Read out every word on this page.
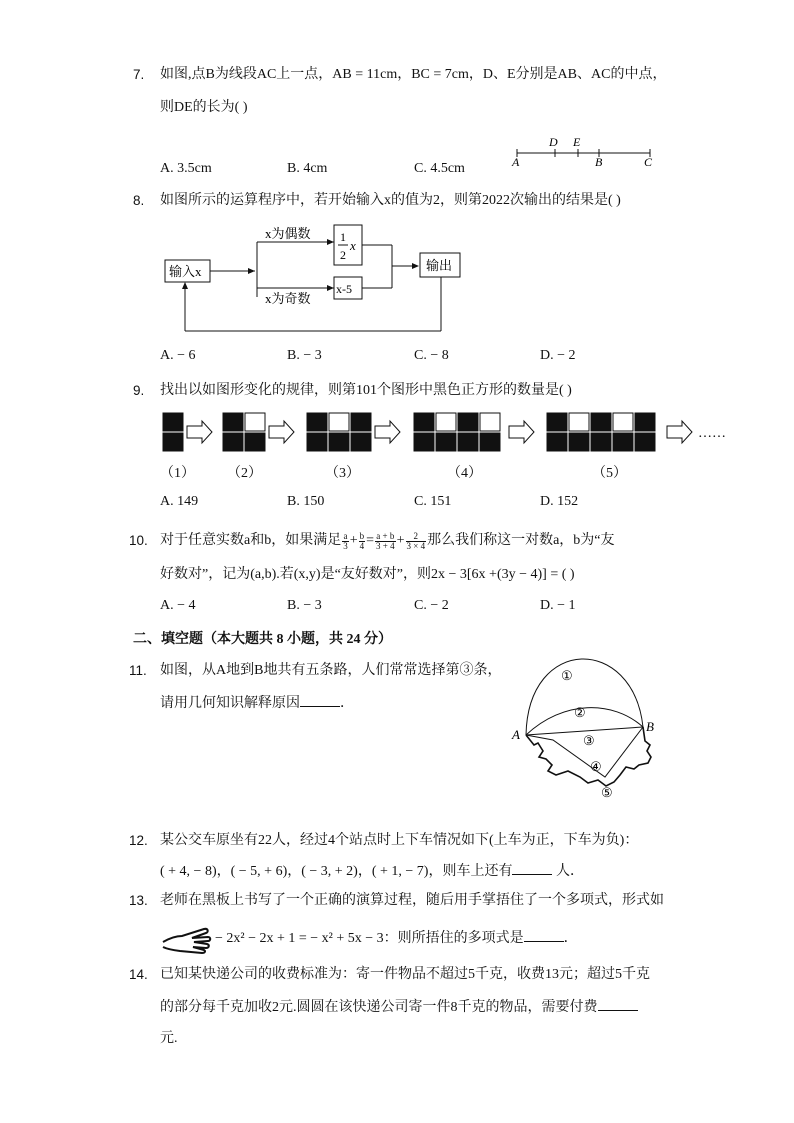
7. 如图,点B为线段AC上一点，AB = 11cm，BC = 7cm，D、E分别是AB、AC的中点，
则DE的长为( )
A. 3.5cm	B. 4cm	C. 4.5cm	A
D E
B	C
8. 如图所示的运算程序中，若开始输入x的值为2，则第2022次输出的结果是( )
输入x
x为偶数
x为奇数
1
2
x
x-5
输出
A. − 6	B. − 3	C. − 8	D. − 2
9. 找出以如图形变化的规律，则第101个图形中黑色正方形的数量是( )
……
（1） （2）	（3）	（4）	（5）
A. 149	B. 150	C. 151	D. 152
10. 对于任意实数a和b，如果满足 $\frac{a}{3} + \frac{b}{4} = \frac{a + b}{3 + 4} + \frac{2}{3 \times 4}$ 那么我们称这一对数a，b为“友
好数对”，记为(a,b).若(x,y)是“友好数对”，则2x − 3[6x +(3y − 4)] = ( )
A. − 4	B. − 3	C. − 2	D. − 1
二、填空题（本大题共 8 小题，共 24 分）
11. 如图，从A地到B地共有五条路，人们常常选择第③条，
请用几何知识解释原因	．
A
B
①
②
③
④
⑤
12. 某公交车原坐有22人，经过4个站点时上下车情况如下(上车为正，下车为负)：
( + 4, − 8)，( − 5, + 6)，( − 3, + 2)，( + 1, − 7)，则车上还有	人．
13. 老师在黑板上书写了一个正确的演算过程，随后用手掌捂住了一个多项式，形式如
− 2x² − 2x + 1 = − x² + 5x − 3：则所捂住的多项式是	．
14. 已知某快递公司的收费标准为：寄一件物品不超过5千克，收费13元；超过5千克
的部分每千克加收2元.圆圆在该快递公司寄一件8千克的物品，需要付费
元.
